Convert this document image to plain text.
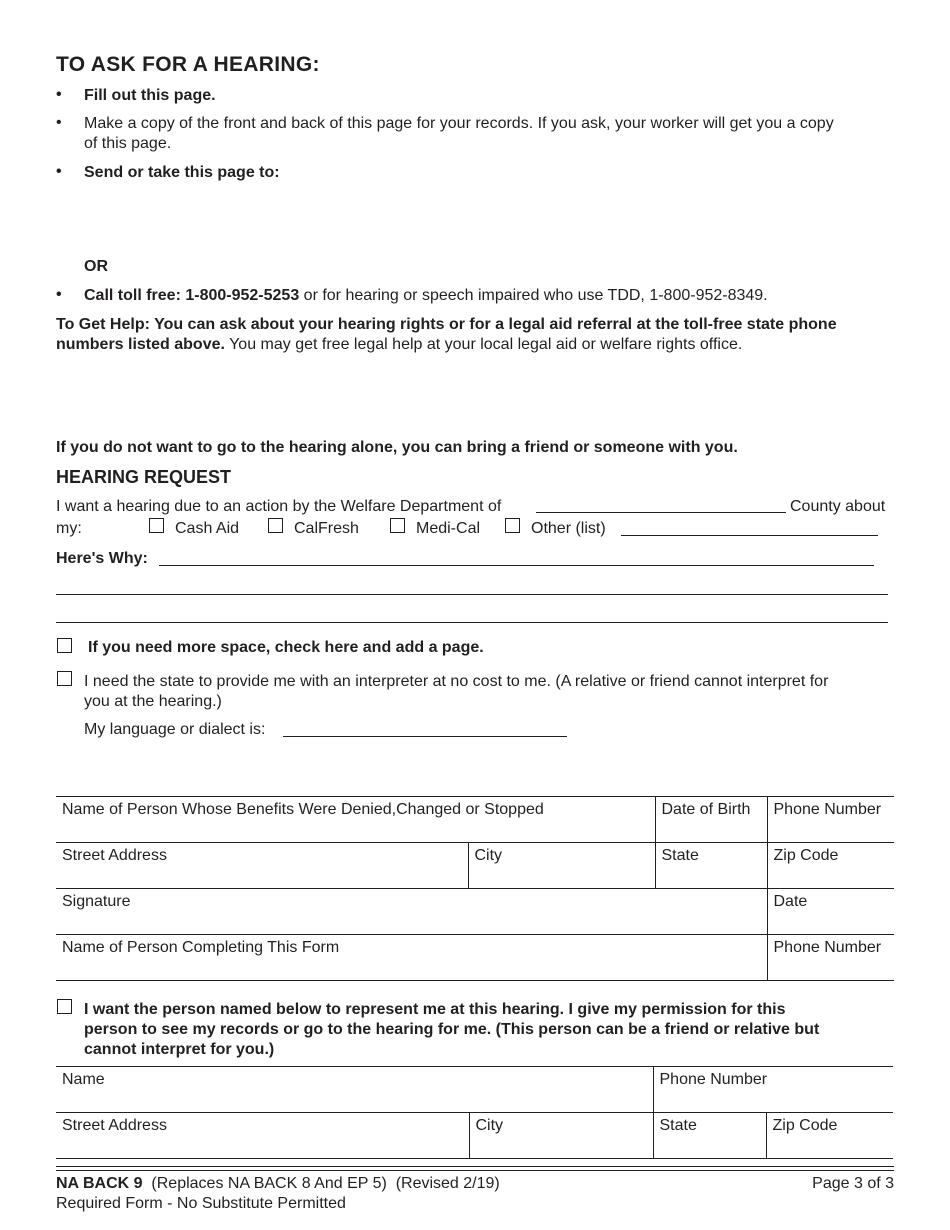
TO ASK FOR A HEARING:
• Fill out this page.
• Make a copy of the front and back of this page for your records. If you ask, your worker will get you a copy
of this page.
• Send or take this page to:
OR
• Call toll free: 1-800-952-5253 or for hearing or speech impaired who use TDD, 1-800-952-8349.
To Get Help: You can ask about your hearing rights or for a legal aid referral at the toll-free state phone
numbers listed above. You may get free legal help at your local legal aid or welfare rights office.
If you do not want to go to the hearing alone, you can bring a friend or someone with you.
HEARING REQUEST
I want a hearing due to an action by the Welfare Department of	County about
my:	Cash Aid	CalFresh	Medi-Cal	Other (list)
Here's Why:
If you need more space, check here and add a page.
I need the state to provide me with an interpreter at no cost to me. (A relative or friend cannot interpret for
you at the hearing.)
My language or dialect is:
Name of Person Whose Benefits Were Denied,Changed or Stopped		Date of Birth	Phone Number
Street Address	City	State	Zip Code
Signature			Date
Name of Person Completing This Form			Phone Number
I want the person named below to represent me at this hearing. I give my permission for this
person to see my records or go to the hearing for me. (This person can be a friend or relative but
cannot interpret for you.)
Name		Phone Number	
Street Address	City	State	Zip Code
NA BACK 9  (Replaces NA BACK 8 And EP 5)  (Revised 2/19)	Page 3 of 3
Required Form - No Substitute Permitted
